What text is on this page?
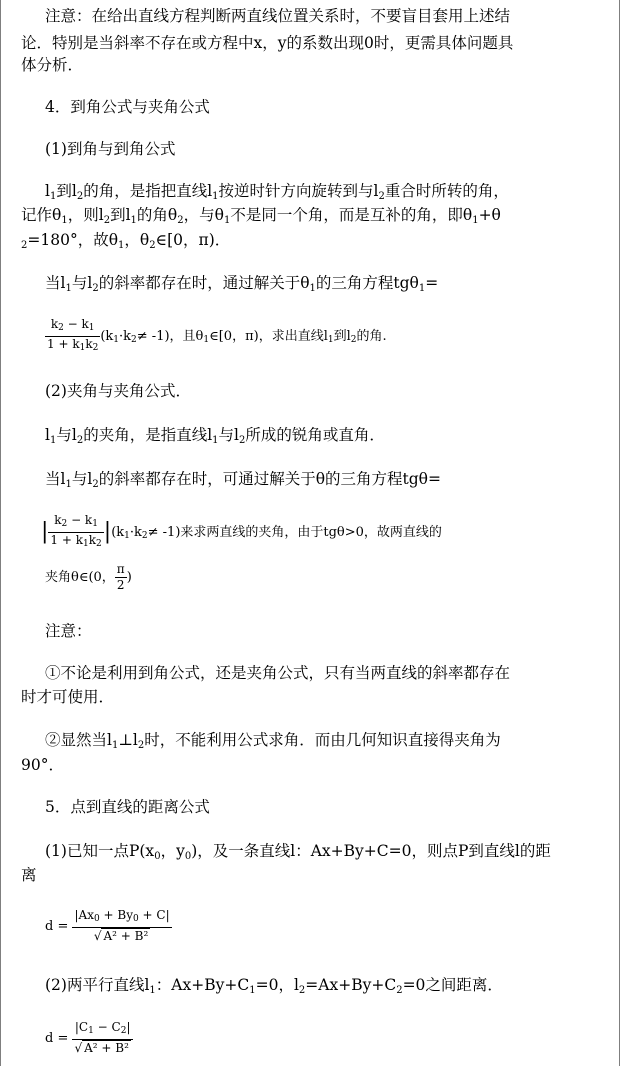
注意：在给出直线方程判断两直线位置关系时，不要盲目套用上述结
论．特别是当斜率不存在或方程中x，y的系数出现0时，更需具体问题具
体分析．
4．到角公式与夹角公式
(1)到角与到角公式
$l_1$到$l_2$的角，是指把直线$l_1$按逆时针方向旋转到与$l_2$重合时所转的角，
记作$\theta_1$，则$l_2$到$l_1$的角$\theta_2$，与$\theta_1$不是同一个角，而是互补的角，即$\theta_1+\theta$
$_2$=180°，故$\theta_1$，$\theta_2\in[0$，π)．
当$l_1$与$l_2$的斜率都存在时，通过解关于$\theta_1$的三角方程tgθ$_1$=
$\frac{k2 - k1}{1 + k1k2} (k1\cdot k2\ne -1)$，且θ1∈[0，π)，求出直线l1到l2的角.
(2)夹角与夹角公式．
$l_1$与$l_2$的夹角，是指直线$l_1$与$l_2$所成的锐角或直角．
当$l_1$与$l_2$的斜率都存在时，可通过解关于θ的三角方程tgθ=
| $\frac{k2 - k1}{1 + k1k2} |(k1\cdot k2\ne -1)$来求两直线的夹角，由于tgθ>0，故两直线的
夹角θ∈(0， $\frac{\pi}{2}$ )
注意：
①不论是利用到角公式，还是夹角公式，只有当两直线的斜率都存在
时才可使用．
②显然当$l_1\perp l_2$时，不能利用公式求角．而由几何知识直接得夹角为
90°．
5．点到直线的距离公式
(1)已知一点$P(x_0$，$y_0$)，及一条直线l：Ax+By+C=0，则点P到直线l的距
离
$d = \frac{|Ax0 + By0 + C|}{\text{√ A² + B²}}$
(2)两平行直线$l_1$：$Ax+By+C_1=0$，$l_2=Ax+By+C_2=0$之间距离．
$d = \frac{|C1 - C2|}{\text{√ A² + B²}}$
